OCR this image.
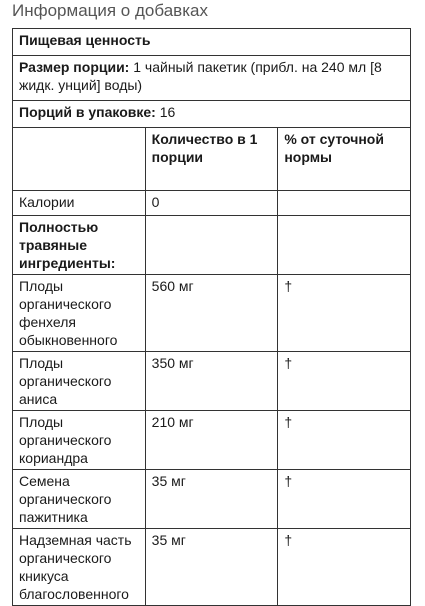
Информация о добавках
Пищевая ценность		
Размер порции: 1 чайный пакетик (прибл. на 240 мл [8 жидк. унций] воды)		
Порций в упаковке: 16		
	Количество в 1 порции	% от суточной нормы
Калории	0	
Полностью травяные ингредиенты:		
Плоды органического фенхеля обыкновенного	560 мг	†
Плоды органического аниса	350 мг	†
Плоды органического кориандра	210 мг	†
Семена органического пажитника	35 мг	†
Надземная часть органического кникуса благословенного	35 мг	†
